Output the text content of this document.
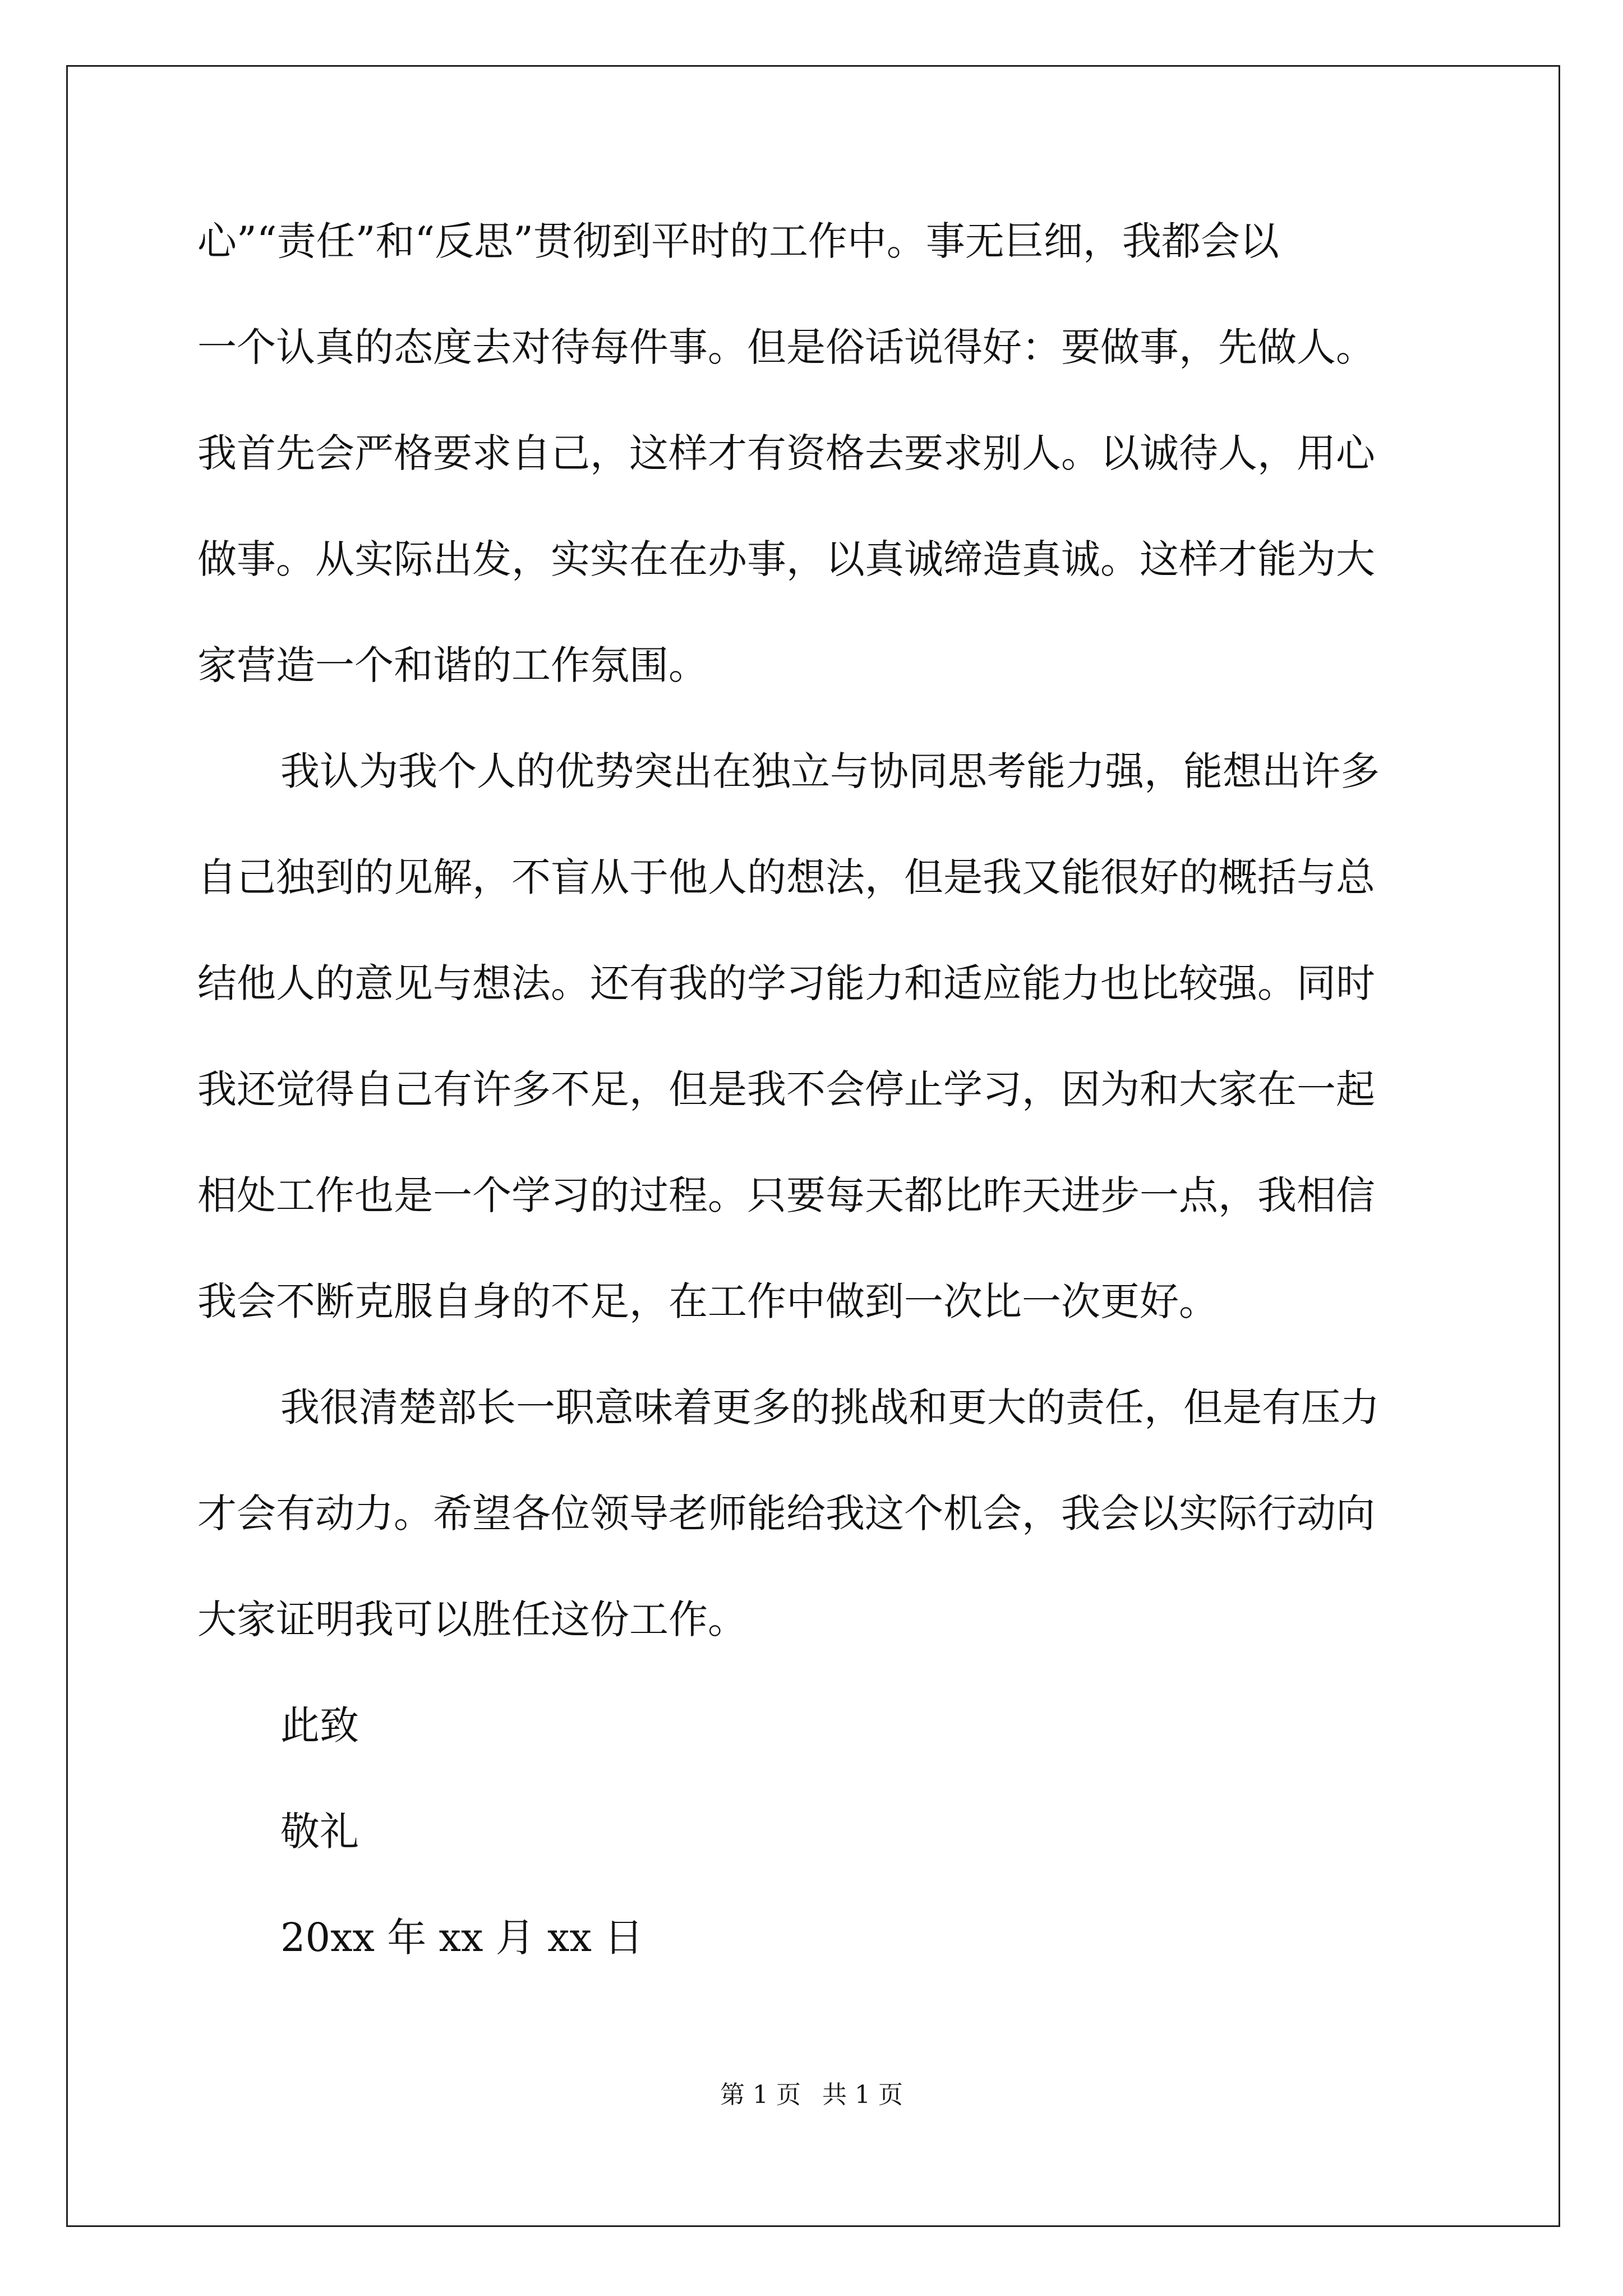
心”“责任”和“反思”贯彻到平时的工作中。事无巨细，我都会以
一个认真的态度去对待每件事。但是俗话说得好：要做事，先做人。
我首先会严格要求自己，这样才有资格去要求别人。以诚待人，用心
做事。从实际出发，实实在在办事，以真诚缔造真诚。这样才能为大
家营造一个和谐的工作氛围。
我认为我个人的优势突出在独立与协同思考能力强，能想出许多
自己独到的见解，不盲从于他人的想法，但是我又能很好的概括与总
结他人的意见与想法。还有我的学习能力和适应能力也比较强。同时
我还觉得自己有许多不足，但是我不会停止学习，因为和大家在一起
相处工作也是一个学习的过程。只要每天都比昨天进步一点，我相信
我会不断克服自身的不足，在工作中做到一次比一次更好。
我很清楚部长一职意味着更多的挑战和更大的责任，但是有压力
才会有动力。希望各位领导老师能给我这个机会，我会以实际行动向
大家证明我可以胜任这份工作。
此致
敬礼
20xx 年 xx 月 xx 日
第 1 页 共 1 页
